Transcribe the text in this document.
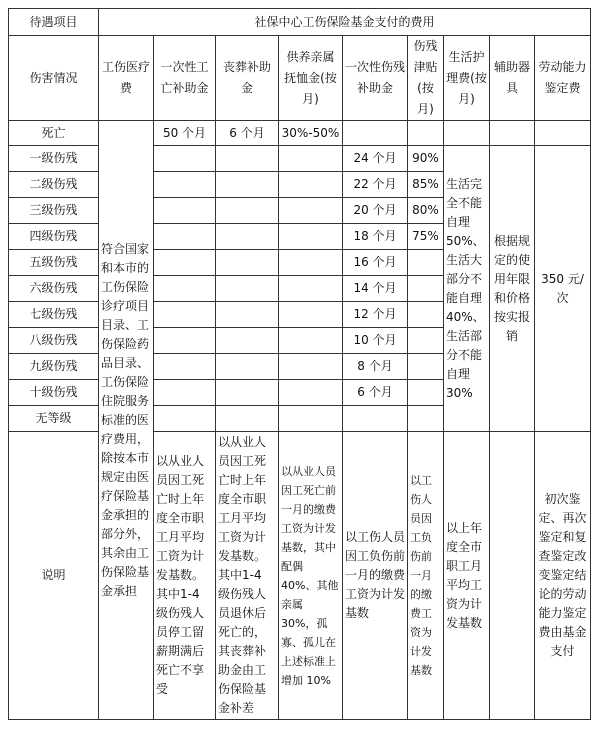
待遇项目	社保中心工伤保险基金支付的费用								
伤害情况	工伤医疗费	一次性工亡补助金	丧葬补助金	供养亲属抚恤金(按月)	一次性伤残补助金	伤残津贴(按月)	生活护理费(按月)	辅助器具	劳动能力鉴定费
死亡	符合国家和本市的工伤保险诊疗项目目录、工伤保险药品目录、工伤保险住院服务标准的医疗费用，除按本市规定由医疗保险基金承担的部分外，其余由工伤保险基金承担	50 个月	6 个月	30%-50%					
一级伤残					24 个月	90%	生活完全不能自理 50%、生活大部分不能自理 40%、生活部分不能自理 30%	根据规定的使用年限和价格按实报销	350 元/次
二级伤残					22 个月	85%			
三级伤残					20 个月	80%			
四级伤残					18 个月	75%			
五级伤残					16 个月				
六级伤残					14 个月				
七级伤残					12 个月				
八级伤残					10 个月				
九级伤残					8 个月				
十级伤残					6 个月				
无等级									
说明		以从业人员因工死亡时上年度全市职工月平均工资为计发基数。其中1-4 级伤残人员停工留薪期满后死亡不享受	以从业人员因工死亡时上年度全市职工月平均工资为计发基数。其中1-4 级伤残人员退休后死亡的，其丧葬补助金由工伤保险基金补差	以从业人员因工死亡前一月的缴费工资为计发基数，其中配偶 40%、其他亲属 30%，孤寡、孤儿在上述标准上增加 10%	以工伤人员因工负伤前一月的缴费工资为计发基数	以工伤人员因工负伤前一月的缴费工资为计发基数	以上年度全市职工月平均工资为计发基数		初次鉴定、再次鉴定和复查鉴定改变鉴定结论的劳动能力鉴定费由基金支付
